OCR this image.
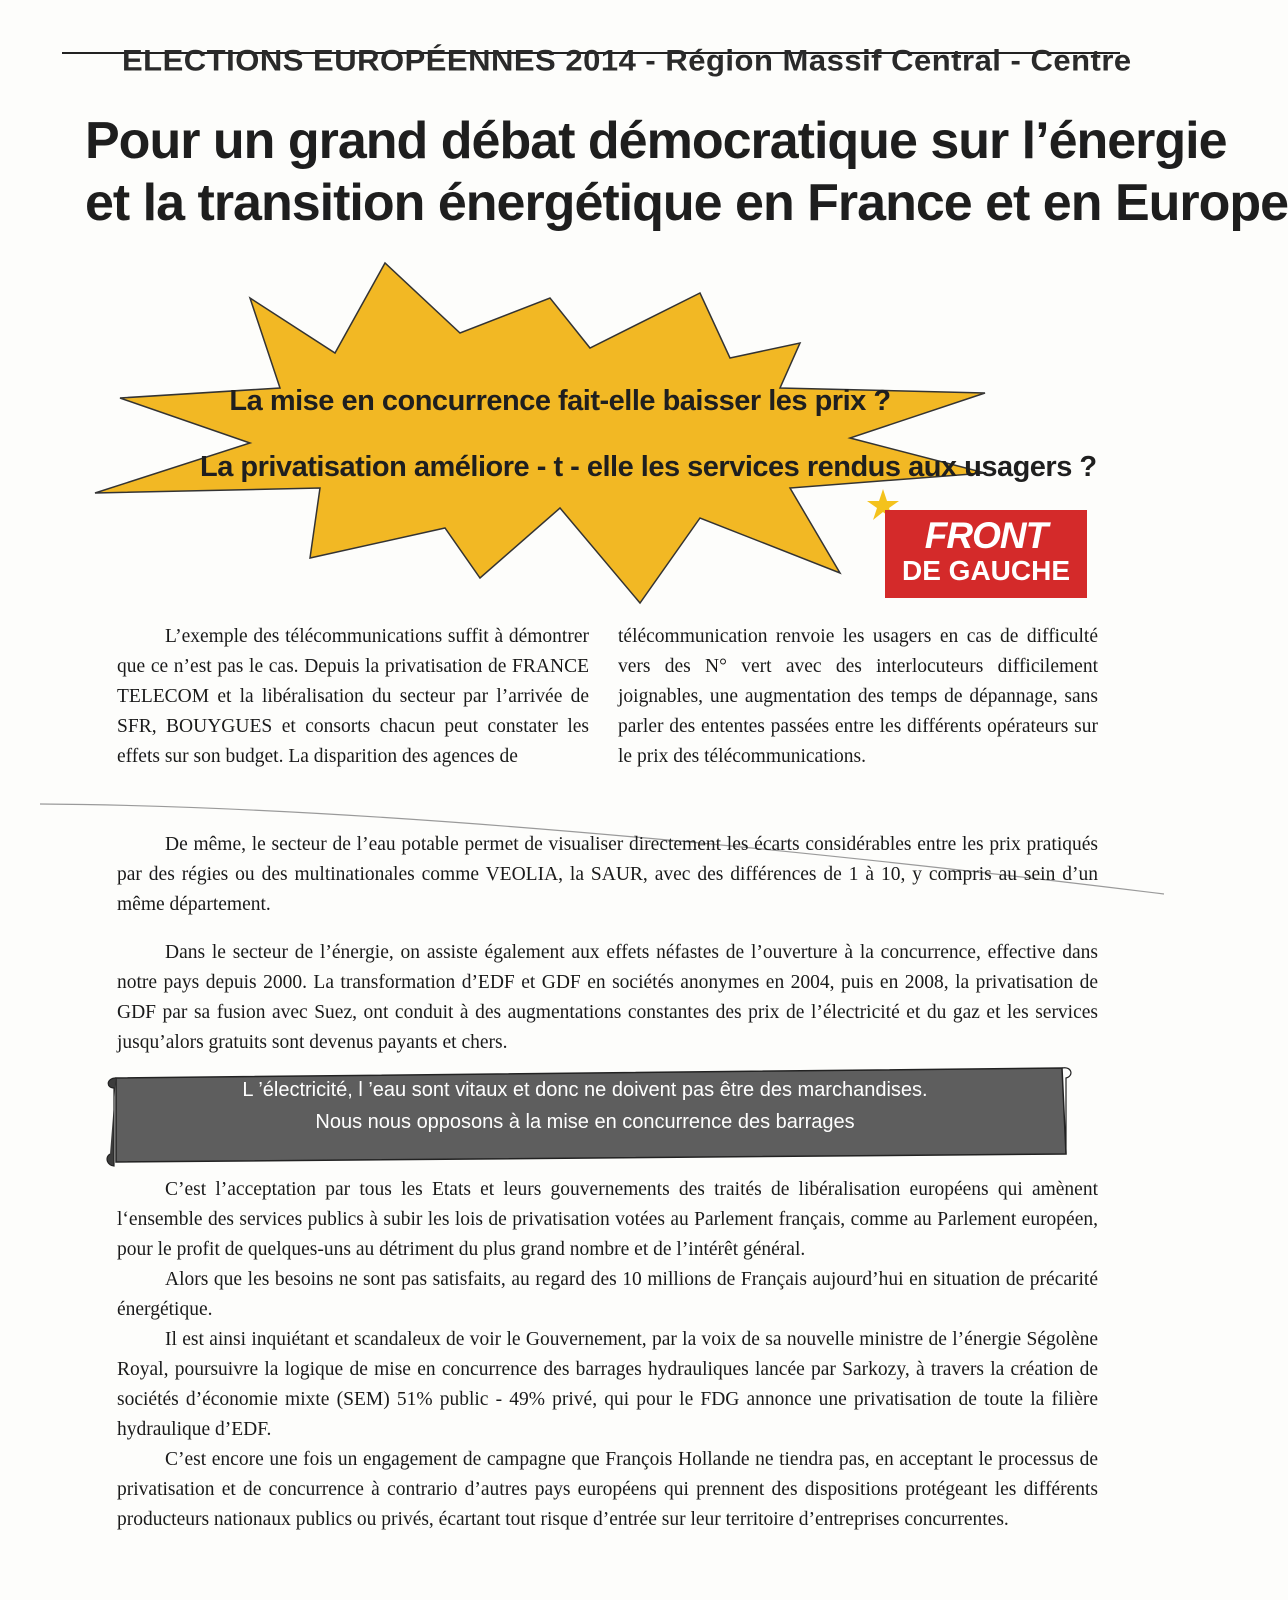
ELECTIONS EUROPÉENNES 2014 - Région Massif Central - Centre
Pour un grand débat démocratique sur l’énergie
et la transition énergétique en France et en Europe
La mise en concurrence fait-elle baisser les prix ?
La privatisation améliore - t - elle les services rendus aux usagers ?
FRONT
DE GAUCHE

L’exemple des télécommunications suffit à démontrer que ce n’est pas le cas. Depuis la privatisation de FRANCE TELECOM et la libéralisation du secteur par l’arrivée de SFR, BOUYGUES et consorts chacun peut constater les effets sur son budget. La disparition des agences de

télécommunication renvoie les usagers en cas de difficulté vers des N° vert avec des interlocuteurs difficilement joignables, une augmentation des temps de dépannage, sans parler des ententes passées entre les différents opérateurs sur le prix des télécommunications.

De même, le secteur de l’eau potable permet de visualiser directement les écarts considérables entre les prix pratiqués par des régies ou des multinationales comme VEOLIA, la SAUR, avec des différences de 1 à 10, y compris au sein d’un même département.

Dans le secteur de l’énergie, on assiste également aux effets néfastes de l’ouverture à la concurrence, effective dans notre pays depuis 2000. La transformation d’EDF et GDF en sociétés anonymes en 2004, puis en 2008, la privatisation de GDF par sa fusion avec Suez, ont conduit à des augmentations constantes des prix de l’électricité et du gaz et les services jusqu’alors gratuits sont devenus payants et chers.

L ’électricité, l ’eau sont vitaux et donc ne doivent pas être des marchandises.
Nous nous opposons à la mise en concurrence des barrages

C’est l’acceptation par tous les Etats et leurs gouvernements des traités de libéralisation européens qui amènent l‘ensemble des services publics à subir les lois de privatisation votées au Parlement français, comme au Parlement européen, pour le profit de quelques-uns au détriment du plus grand nombre et de l’intérêt général.

Alors que les besoins ne sont pas satisfaits, au regard des 10 millions de Français aujourd’hui en situation de précarité énergétique.

Il est ainsi inquiétant et scandaleux de voir le Gouvernement, par la voix de sa nouvelle ministre de l’énergie Ségolène Royal, poursuivre la logique de mise en concurrence des barrages hydrauliques lancée par Sarkozy, à travers la création de sociétés d’économie mixte (SEM) 51% public - 49% privé, qui pour le FDG annonce une privatisation de toute la filière hydraulique d’EDF.

C’est encore une fois un engagement de campagne que François Hollande ne tiendra pas, en acceptant le processus de privatisation et de concurrence à contrario d’autres pays européens qui prennent des dispositions protégeant les différents producteurs nationaux publics ou privés, écartant tout risque d’entrée sur leur territoire d’entreprises concurrentes.
